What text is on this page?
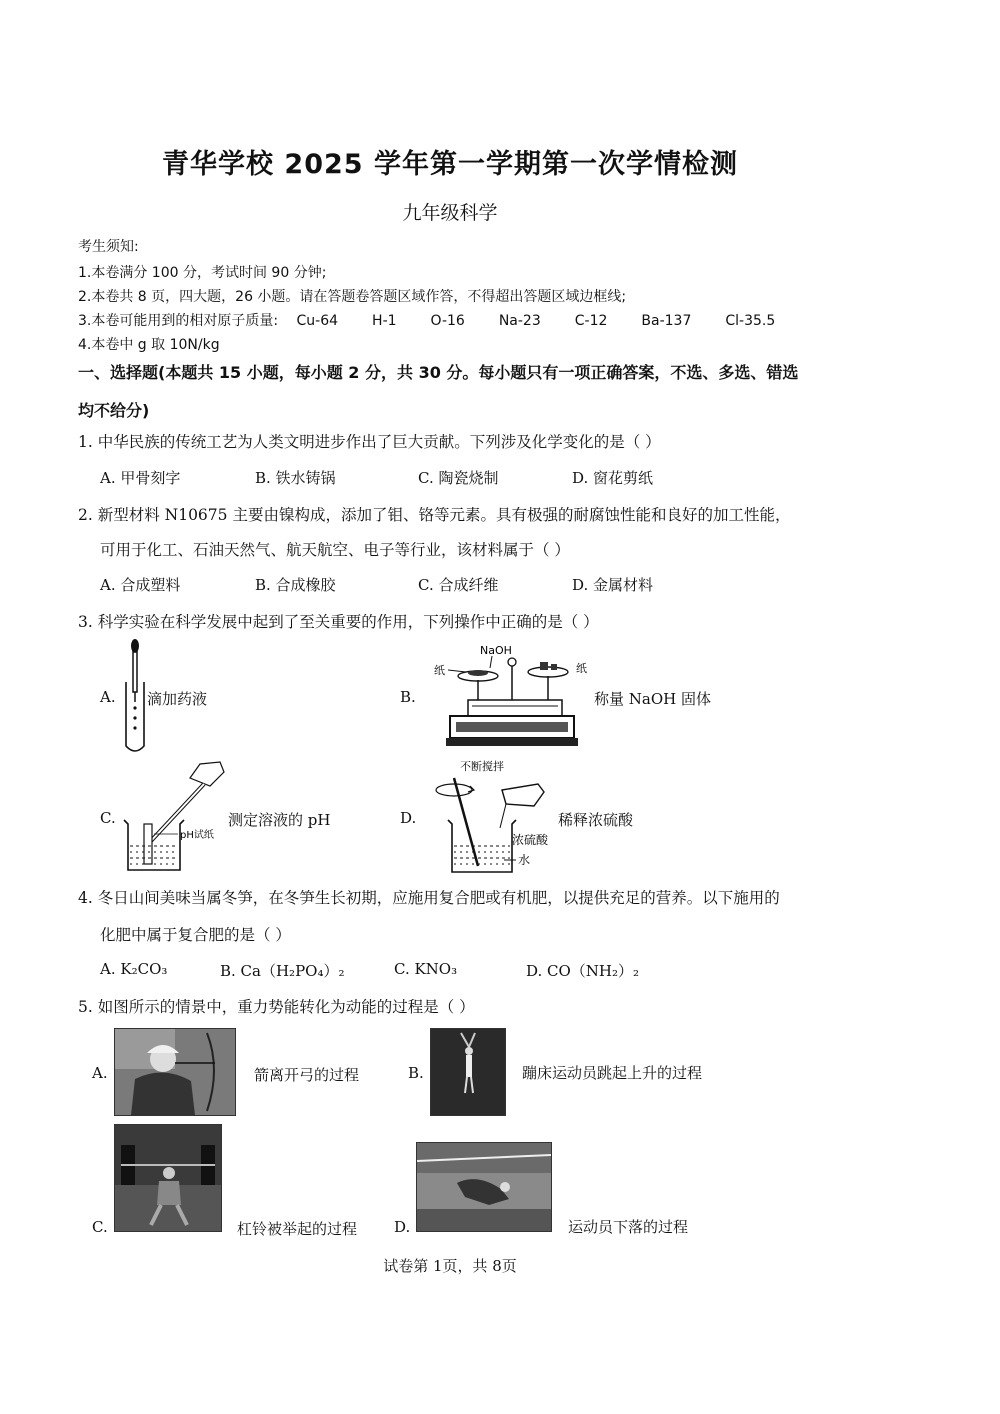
青华学校 2025 学年第一学期第一次学情检测
九年级科学
考生须知:
1.本卷满分 100 分，考试时间 90 分钟;
2.本卷共 8 页，四大题，26 小题。请在答题卷答题区域作答，不得超出答题区域边框线;
3.本卷可能用到的相对原子质量: Cu-64 H-1 O-16 Na-23 C-12 Ba-137 Cl-35.5
4.本卷中 g 取 10N/kg
一、选择题(本题共 15 小题，每小题 2 分，共 30 分。每小题只有一项正确答案，不选、多选、错选
均不给分)
1. 中华民族的传统工艺为人类文明进步作出了巨大贡献。下列涉及化学变化的是（ ）
A. 甲骨刻字	B. 铁水铸锅	C. 陶瓷烧制	D. 窗花剪纸
2. 新型材料 N10675 主要由镍构成，添加了钼、铬等元素。具有极强的耐腐蚀性能和良好的加工性能，
可用于化工、石油天然气、航天航空、电子等行业，该材料属于（ ）
A. 合成塑料	B. 合成橡胶	C. 合成纤维	D. 金属材料
3. 科学实验在科学发展中起到了至关重要的作用，下列操作中正确的是（ ）
A. 滴加药液	B.
NaOH
纸	纸
称量 NaOH 固体
C.
pH试纸
测定溶液的 pH	D.
不断搅拌
浓硫酸
水
稀释浓硫酸
4. 冬日山间美味当属冬笋，在冬笋生长初期，应施用复合肥或有机肥，以提供充足的营养。以下施用的
化肥中属于复合肥的是（ ）
A. K₂CO₃	B. Ca（H₂PO₄）₂	C. KNO₃	D. CO（NH₂）₂
5. 如图所示的情景中，重力势能转化为动能的过程是（ ）
A.	箭离开弓的过程	B.	蹦床运动员跳起上升的过程
C.	杠铃被举起的过程 D.	运动员下落的过程
试卷第 1页，共 8页
